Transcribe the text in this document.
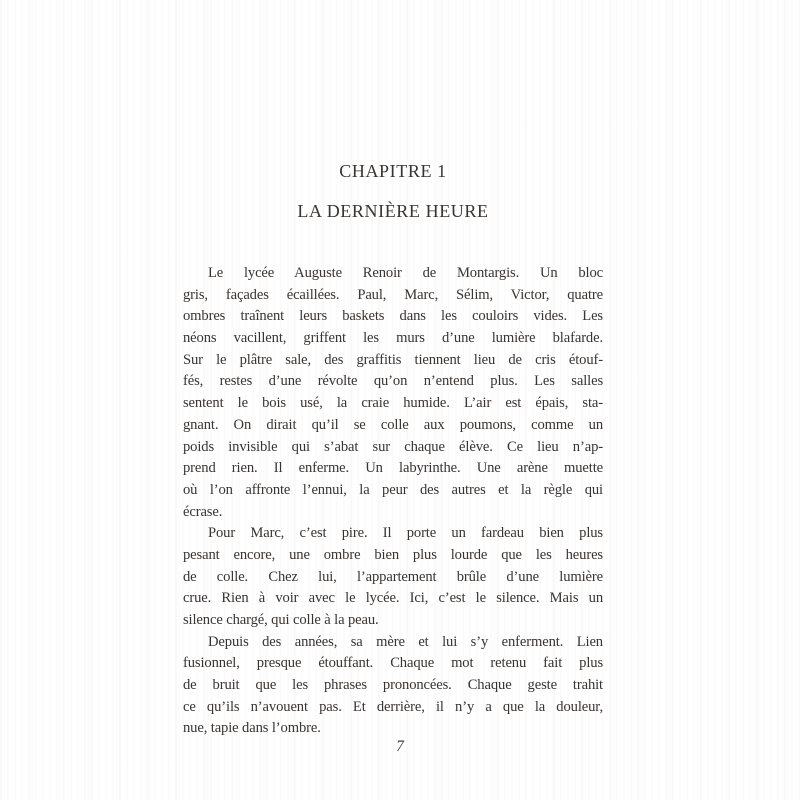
CHAPITRE 1
LA DERNIÈRE HEURE
Le lycée Auguste Renoir de Montargis. Un bloc
gris, façades écaillées. Paul, Marc, Sélim, Victor, quatre
ombres traînent leurs baskets dans les couloirs vides. Les
néons vacillent, griffent les murs d’une lumière blafarde.
Sur le plâtre sale, des graffitis tiennent lieu de cris étouf-
fés, restes d’une révolte qu’on n’entend plus. Les salles
sentent le bois usé, la craie humide. L’air est épais, sta-
gnant. On dirait qu’il se colle aux poumons, comme un
poids invisible qui s’abat sur chaque élève. Ce lieu n’ap-
prend rien. Il enferme. Un labyrinthe. Une arène muette
où l’on affronte l’ennui, la peur des autres et la règle qui
écrase.
Pour Marc, c’est pire. Il porte un fardeau bien plus
pesant encore, une ombre bien plus lourde que les heures
de colle. Chez lui, l’appartement brûle d’une lumière
crue. Rien à voir avec le lycée. Ici, c’est le silence. Mais un
silence chargé, qui colle à la peau.
Depuis des années, sa mère et lui s’y enferment. Lien
fusionnel, presque étouffant. Chaque mot retenu fait plus
de bruit que les phrases prononcées. Chaque geste trahit
ce qu’ils n’avouent pas. Et derrière, il n’y a que la douleur,
nue, tapie dans l’ombre.
7
